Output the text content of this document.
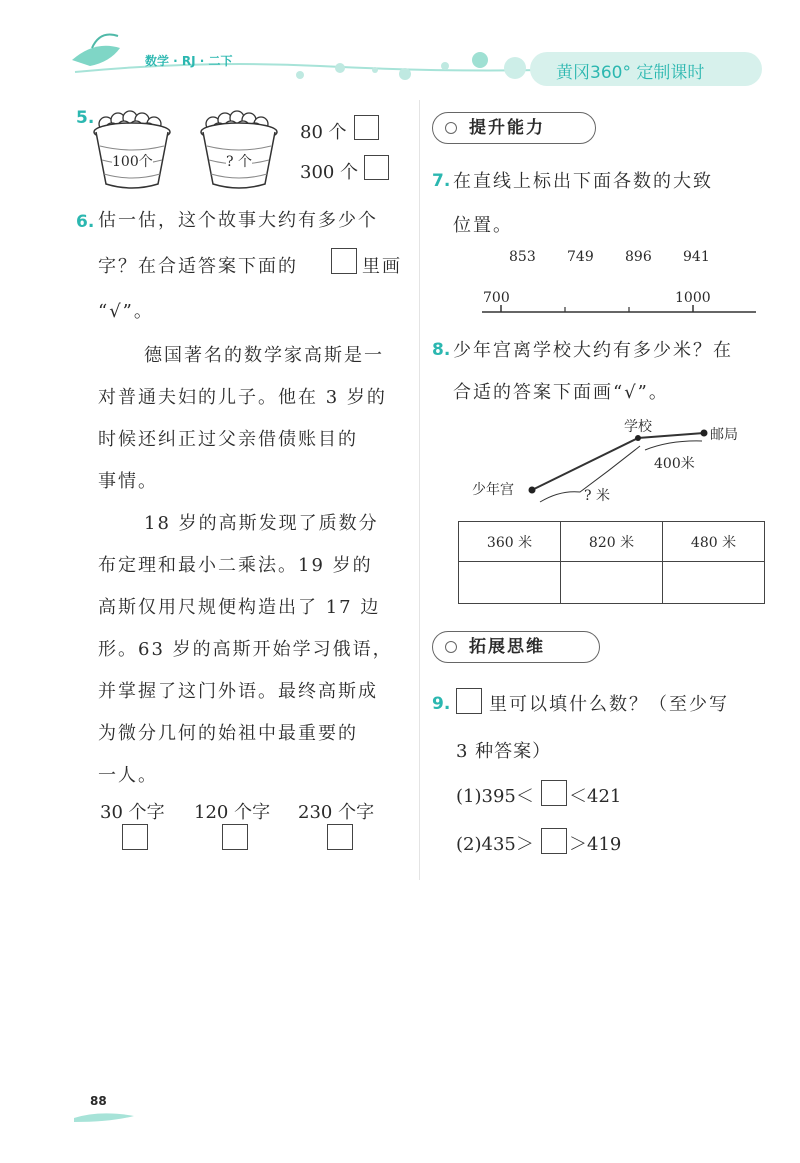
数学 · RJ · 二下
黄冈360° 定制课时
5.
100个	? 个
80 个
300 个
6. 估一估，这个故事大约有多少个
字？在合适答案下面的	里画
“√”。
德国著名的数学家高斯是一
对普通夫妇的儿子。他在 3 岁的
时候还纠正过父亲借债账目的
事情。
18 岁的高斯发现了质数分
布定理和最小二乘法。19 岁的
高斯仅用尺规便构造出了 17 边
形。63 岁的高斯开始学习俄语，
并掌握了这门外语。最终高斯成
为微分几何的始祖中最重要的
一人。
30 个字 120 个字 230 个字
提升能力
7. 在直线上标出下面各数的大致
位置。
853 749 896 941
700	1000
8. 少年宫离学校大约有多少米？在
合适的答案下面画“√”。
学校	邮局
少年宫
400米
? 米
360 米	820 米	480 米

拓展思维
9. 里可以填什么数？（至少写
3 种答案）
(1)395＜ ＜421
(2)435＞ ＞419
88
